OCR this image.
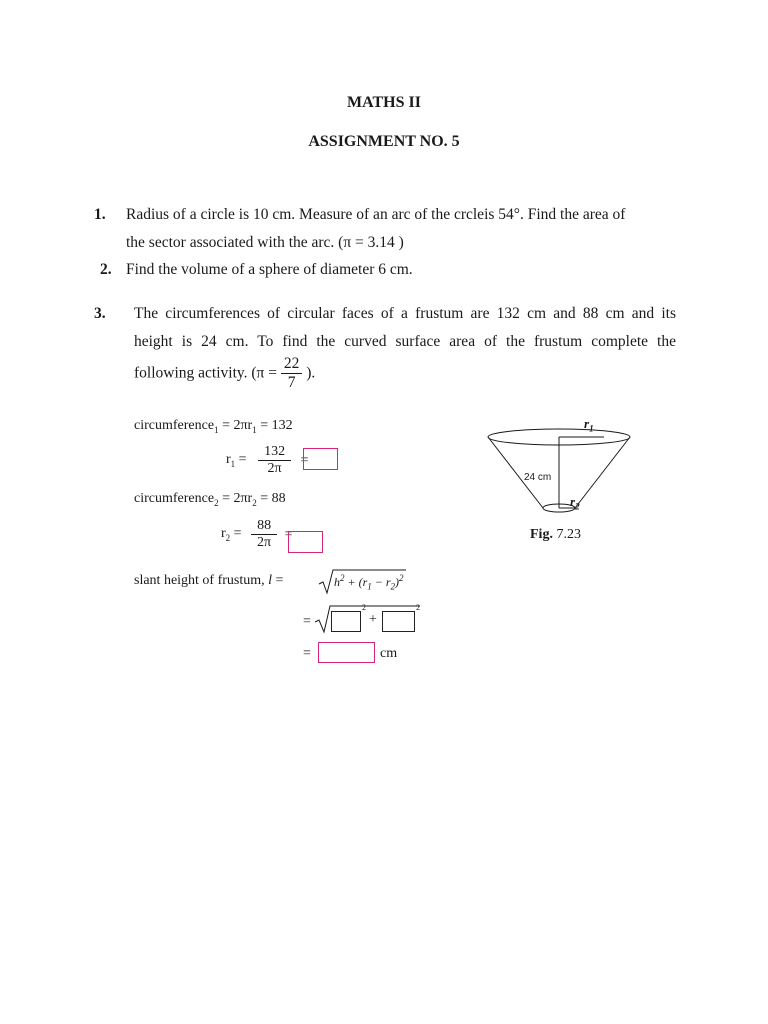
MATHS II
ASSIGNMENT NO. 5
1. Radius of a circle is 10 cm. Measure of an arc of the crcleis 54°. Find the area of
the sector associated with the arc. (π = 3.14 )
2. Find the volume of a sphere of diameter 6 cm.
3. The circumferences of circular faces of a frustum are 132 cm and 88 cm and its
height is 24 cm. To find the curved surface area of the frustum complete the
following activity. ($\pi = \frac{22}{7}$ ).
circumference$_1$ = $2\pi r_1 = 132$
$r_1 = \frac{132}{2\pi}$ =
circumference$_2$ = $2\pi r_2 = 88$
$r_2 = \frac{88}{2\pi}$ =
slant height of frustum, l =	$h^2 + (r_1 - r_2)^2$
=
2
+
2
=	cm
$r_1$
24 cm
$r_2$
Fig. 7.23
